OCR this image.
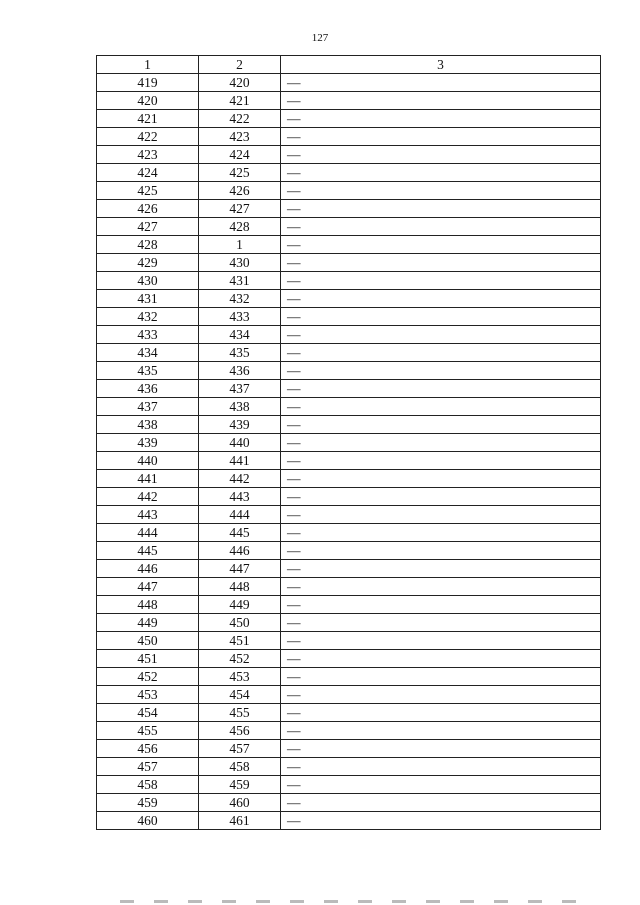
127
1	2	3
419	420	—
420	421	—
421	422	—
422	423	—
423	424	—
424	425	—
425	426	—
426	427	—
427	428	—
428	1	—
429	430	—
430	431	—
431	432	—
432	433	—
433	434	—
434	435	—
435	436	—
436	437	—
437	438	—
438	439	—
439	440	—
440	441	—
441	442	—
442	443	—
443	444	—
444	445	—
445	446	—
446	447	—
447	448	—
448	449	—
449	450	—
450	451	—
451	452	—
452	453	—
453	454	—
454	455	—
455	456	—
456	457	—
457	458	—
458	459	—
459	460	—
460	461	—
